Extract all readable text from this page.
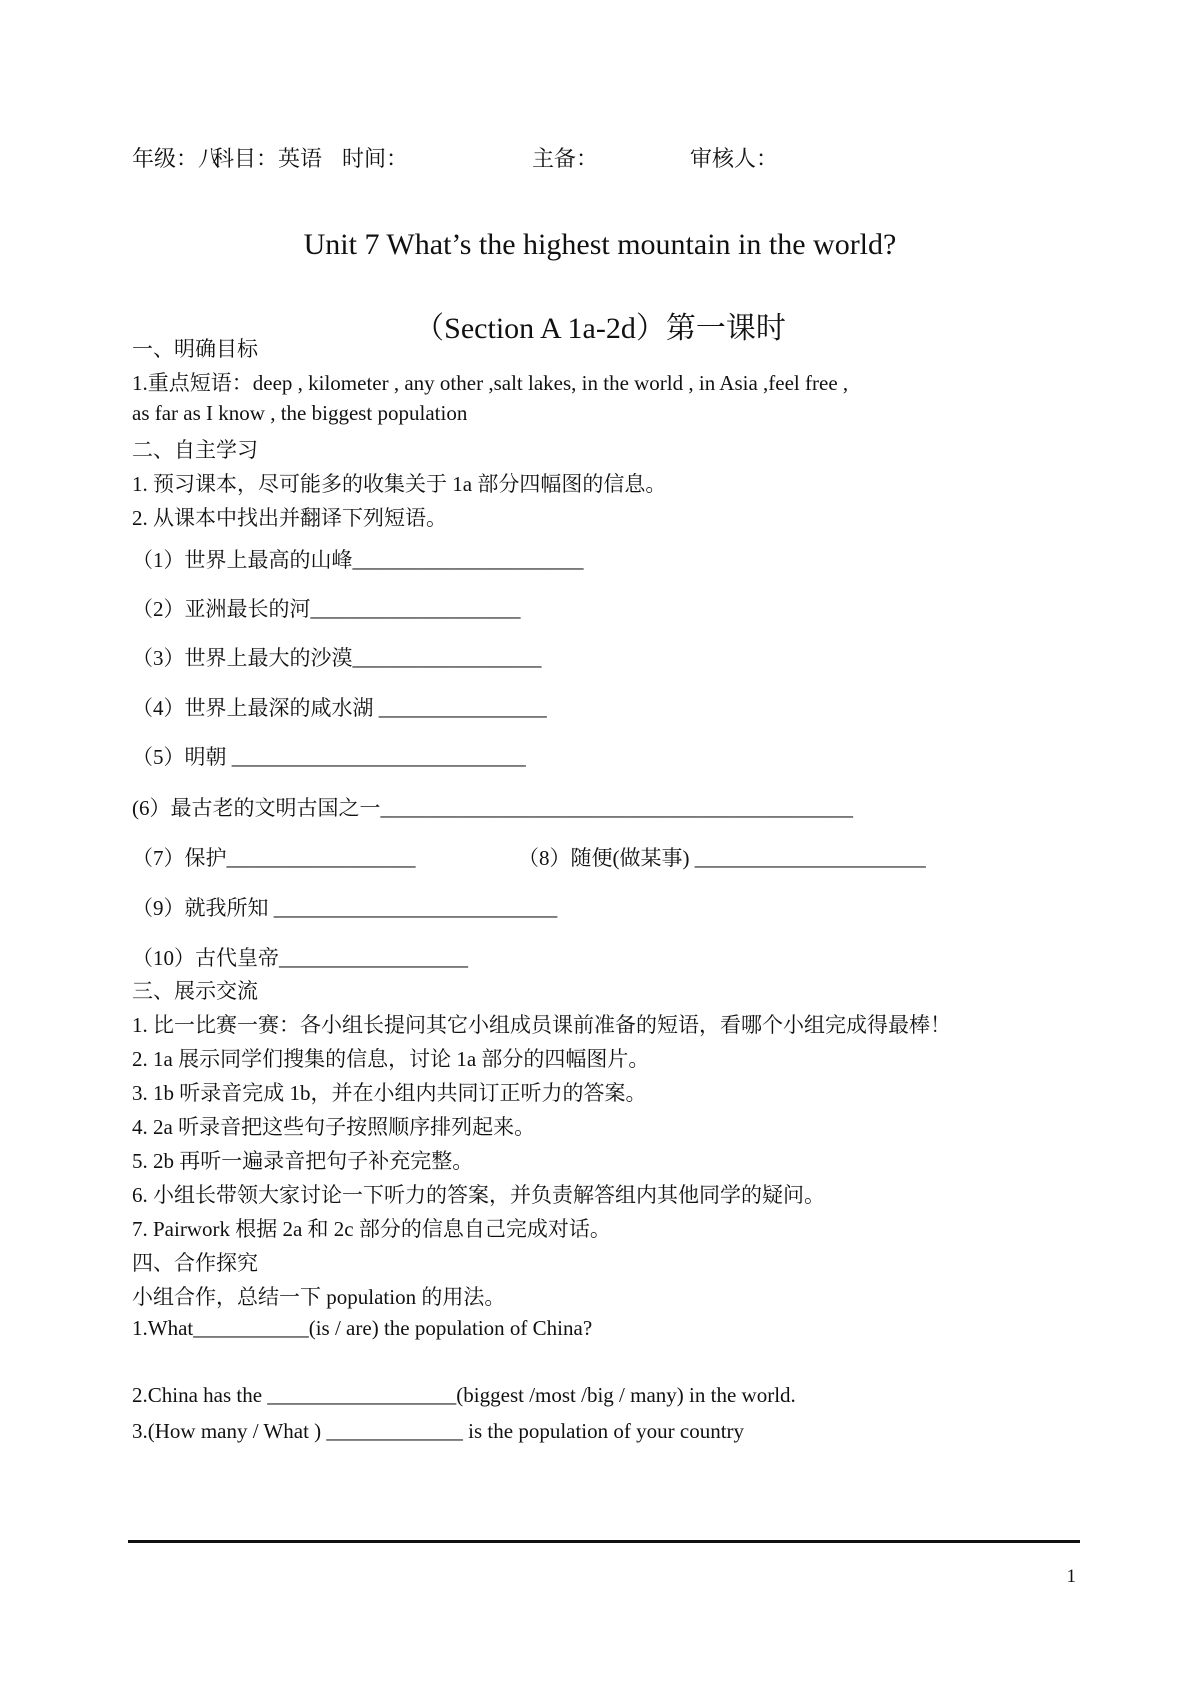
年级：八科目：英语 时间：	主备：	审核人：
Unit 7 What’s the highest mountain in the world?
（Section A 1a-2d）第一课时
一、明确目标
1.重点短语：deep , kilometer , any other ,salt lakes, in the world , in Asia ,feel free ,
as far as I know , the biggest population
二、自主学习
1. 预习课本，尽可能多的收集关于 1a 部分四幅图的信息。
2. 从课本中找出并翻译下列短语。
（1）世界上最高的山峰______________________
（2）亚洲最长的河____________________
（3）世界上最大的沙漠__________________
（4）世界上最深的咸水湖 ________________
（5）明朝 ____________________________
(6）最古老的文明古国之一_____________________________________________
（7）保护__________________	（8）随便(做某事) ______________________
（9）就我所知 ___________________________
（10）古代皇帝__________________
三、展示交流
1. 比一比赛一赛：各小组长提问其它小组成员课前准备的短语，看哪个小组完成得最棒！
2. 1a 展示同学们搜集的信息，讨论 1a 部分的四幅图片。
3. 1b 听录音完成 1b，并在小组内共同订正听力的答案。
4. 2a 听录音把这些句子按照顺序排列起来。
5. 2b 再听一遍录音把句子补充完整。
6. 小组长带领大家讨论一下听力的答案，并负责解答组内其他同学的疑问。
7. Pairwork 根据 2a 和 2c 部分的信息自己完成对话。
四、合作探究
小组合作，总结一下 population 的用法。
1.What___________(is / are) the population of China?
2.China has the __________________(biggest /most /big / many) in the world.
3.(How many / What ) _____________ is the population of your country
1
